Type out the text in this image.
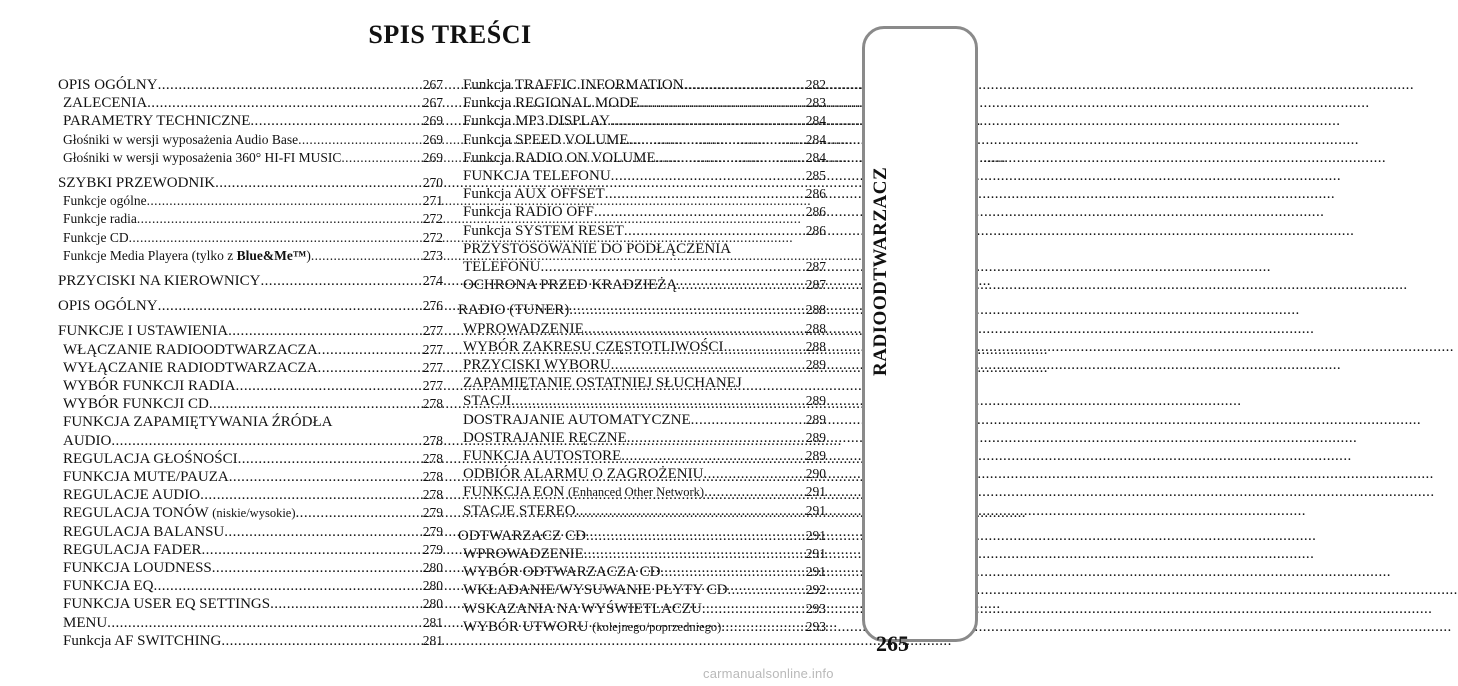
SPIS TREŚCI
OPIS OGÓLNY .....	267
ZALECENIA .....	267
PARAMETRY TECHNICZNE .....	269
Głośniki w wersji wyposażenia Audio Base .....	269
Głośniki w wersji wyposażenia 360° HI-FI MUSIC .....	269
SZYBKI PRZEWODNIK .....	270
Funkcje ogólne .....	271
Funkcje radia .....	272
Funkcje CD .....	272
Funkcje Media Playera (tylko z Blue&Me™) .....	273
PRZYCISKI NA KIEROWNICY .....	274
OPIS OGÓLNY .....	276
FUNKCJE I USTAWIENIA .....	277
WŁĄCZANIE RADIOODTWARZACZA .....	277
WYŁĄCZANIE RADIODTWARZACZA .....	277
WYBÓR FUNKCJI RADIA .....	277
WYBÓR FUNKCJI CD .....	278
FUNKCJA ZAPAMIĘTYWANIA ŹRÓDŁA
AUDIO .....	278
REGULACJA GŁOŚNOŚCI .....	278
FUNKCJA MUTE/PAUZA .....	278
REGULACJE AUDIO .....	278
REGULACJA TONÓW (niskie/wysokie) .....	279
REGULACJA BALANSU .....	279
REGULACJA FADER .....	279
FUNKCJA LOUDNESS .....	280
FUNKCJA EQ .....	280
FUNKCJA USER EQ SETTINGS .....	280
MENU .....	281
Funkcja AF SWITCHING .....	281
Funkcja TRAFFIC INFORMATION .....	282
Funkcja REGIONAL MODE .....	283
Funkcja MP3 DISPLAY .....	284
Funkcja SPEED VOLUME .....	284
Funkcja RADIO ON VOLUME .....	284
FUNKCJA TELEFONU .....	285
Funkcja AUX OFFSET .....	286
Funkcja RADIO OFF .....	286
Funkcja SYSTEM RESET .....	286
PRZYSTOSOWANIE DO PODŁĄCZENIA
TELEFONU .....	287
OCHRONA PRZED KRADZIEŻĄ .....	287
RADIO (TUNER) .....	288
WPROWADZENIE .....	288
WYBÓR ZAKRESU CZĘSTOTLIWOŚCI .....	288
PRZYCISKI WYBORU .....	289
ZAPAMIĘTANIE OSTATNIEJ SŁUCHANEJ
STACJI .....	289
DOSTRAJANIE AUTOMATYCZNE .....	289
DOSTRAJANIE RĘCZNE .....	289
FUNKCJA AUTOSTORE .....	289
ODBIÓR ALARMU O ZAGROŻENIU .....	290
FUNKCJA EON (Enhanced Other Network) .....	291
STACJE STEREO .....	291
ODTWARZACZ CD .....	291
WPROWADZENIE .....	291
WYBÓR ODTWARZACZA CD .....	291
WKŁADANIE/WYSUWANIE PŁYTY CD .....	292
WSKAZANIA NA WYŚWIETLACZU .....	293
WYBÓR UTWORU (kolejnego/poprzedniego) .....	293
RADIOODTWARZACZ
265
carmanualsonline.info
